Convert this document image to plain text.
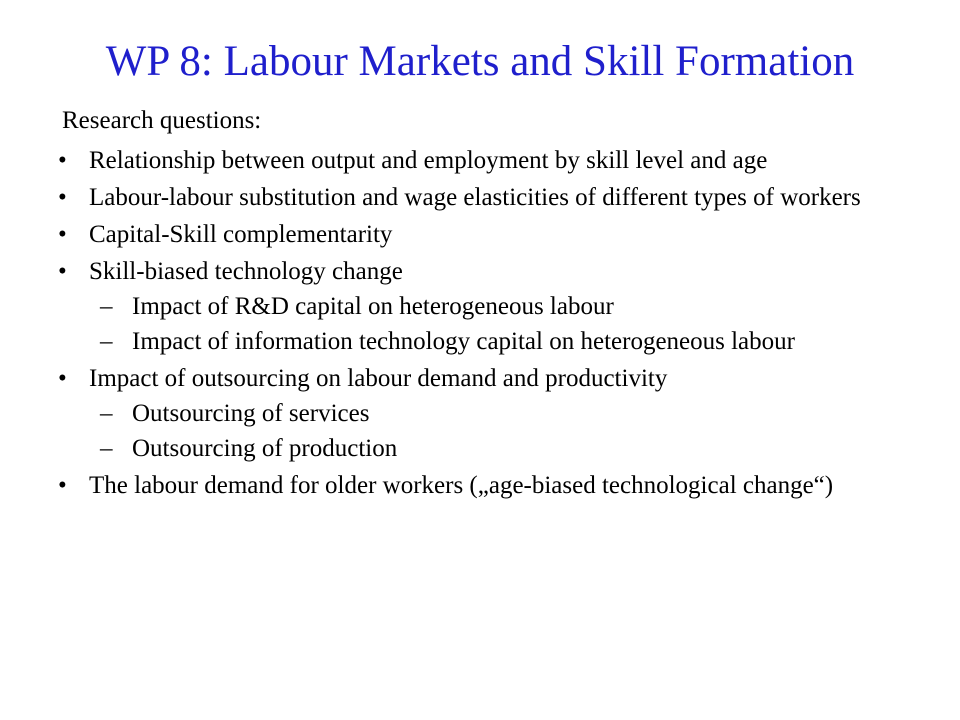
WP 8: Labour Markets and Skill Formation
Research questions:
• Relationship between output and employment by skill level and age
• Labour-labour substitution and wage elasticities of different types of workers
• Capital-Skill complementarity
• Skill-biased technology change
– Impact of R&D capital on heterogeneous labour
– Impact of information technology capital on heterogeneous labour
• Impact of outsourcing on labour demand and productivity
– Outsourcing of services
– Outsourcing of production
• The labour demand for older workers („age-biased technological change“)
